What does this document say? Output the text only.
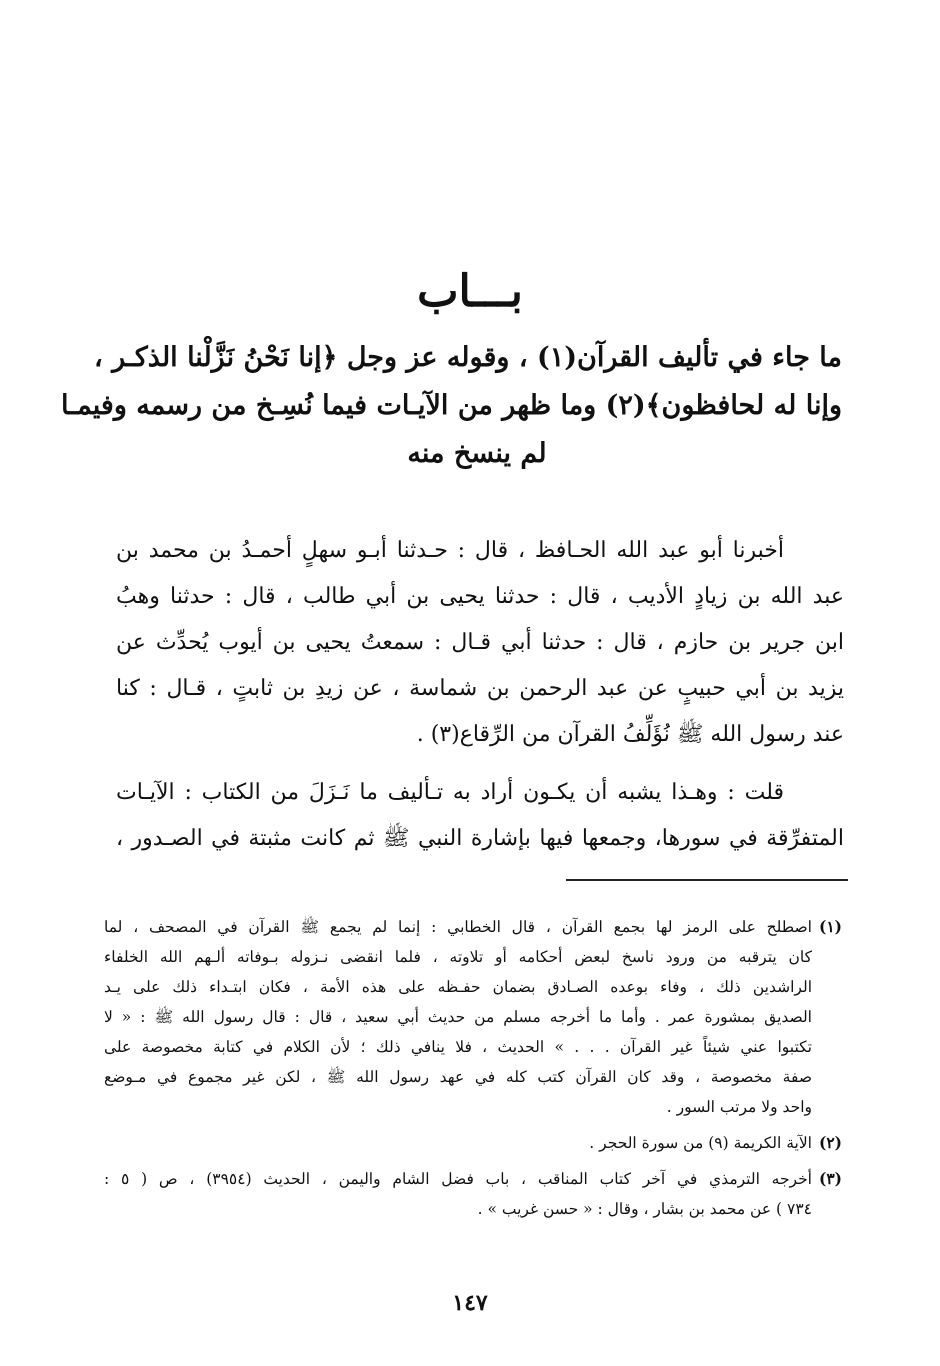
بـــاب
ما جاء في تأليف القرآن(١) ، وقوله عز وجل ﴿إنا نَحْنُ نَزَّلْنا الذكـر ،
وإنا له لحافظون﴾(٢) وما ظهر من الآيـات فيما نُسِـخ من رسمه وفيمـا
لم ينسخ منه
أخبرنا أبو عبد الله الحـافظ ، قال : حـدثنا أبـو سهلٍ أحمـدُ بن محمد بن
عبد الله بن زيادٍ الأديب ، قال : حدثنا يحيى بن أبي طالب ، قال : حدثنا وهبُ
ابن جرير بن حازم ، قال : حدثنا أبي قـال : سمعتُ يحيى بن أيوب يُحدِّث عن
يزيد بن أبي حبيبٍ عن عبد الرحمن بن شماسة ، عن زيدِ بن ثابتٍ ، قـال : كنا
عند رسول الله ﷺ نُؤَلِّفُ القرآن من الرِّقاع(٣) .
قلت : وهـذا يشبه أن يكـون أراد به تـأليف ما نَـزَلَ من الكتاب : الآيـات
المتفرِّقة في سورها، وجمعها فيها بإشارة النبي ﷺ ثم كانت مثبتة في الصـدور ،
(١)
اصطلح على الرمز لها بجمع القرآن ، قال الخطابي : إنما لم يجمع ﷺ القرآن في المصحف ، لما
كان يترقبه من ورود ناسخ لبعض أحكامه أو تلاوته ، فلما انقضى نـزوله بـوفاته ألـهم الله الخلفاء
الراشدين ذلك ، وفاء بوعده الصـادق بضمان حفـظه على هذه الأمة ، فكان ابتـداء ذلك على يـد
الصديق بمشورة عمر . وأما ما أخرجه مسلم من حديث أبي سعيد ، قال : قال رسول الله ﷺ : « لا
تكتبوا عني شيئاً غير القرآن . . . » الحديث ، فلا ينافي ذلك ؛ لأن الكلام في كتابة مخصوصة على
صفة مخصوصة ، وقد كان القرآن كتب كله في عهد رسول الله ﷺ ، لكن غير مجموع في مـوضع
واحد ولا مرتب السور .
(٢)
الآية الكريمة (٩) من سورة الحجر .
(٣)
أخرجه الترمذي في آخر كتاب المناقب ، باب فضل الشام واليمن ، الحديث (٣٩٥٤) ، ص ( ٥ :
٧٣٤ ) عن محمد بن بشار ، وقال : « حسن غريب » .
١٤٧
